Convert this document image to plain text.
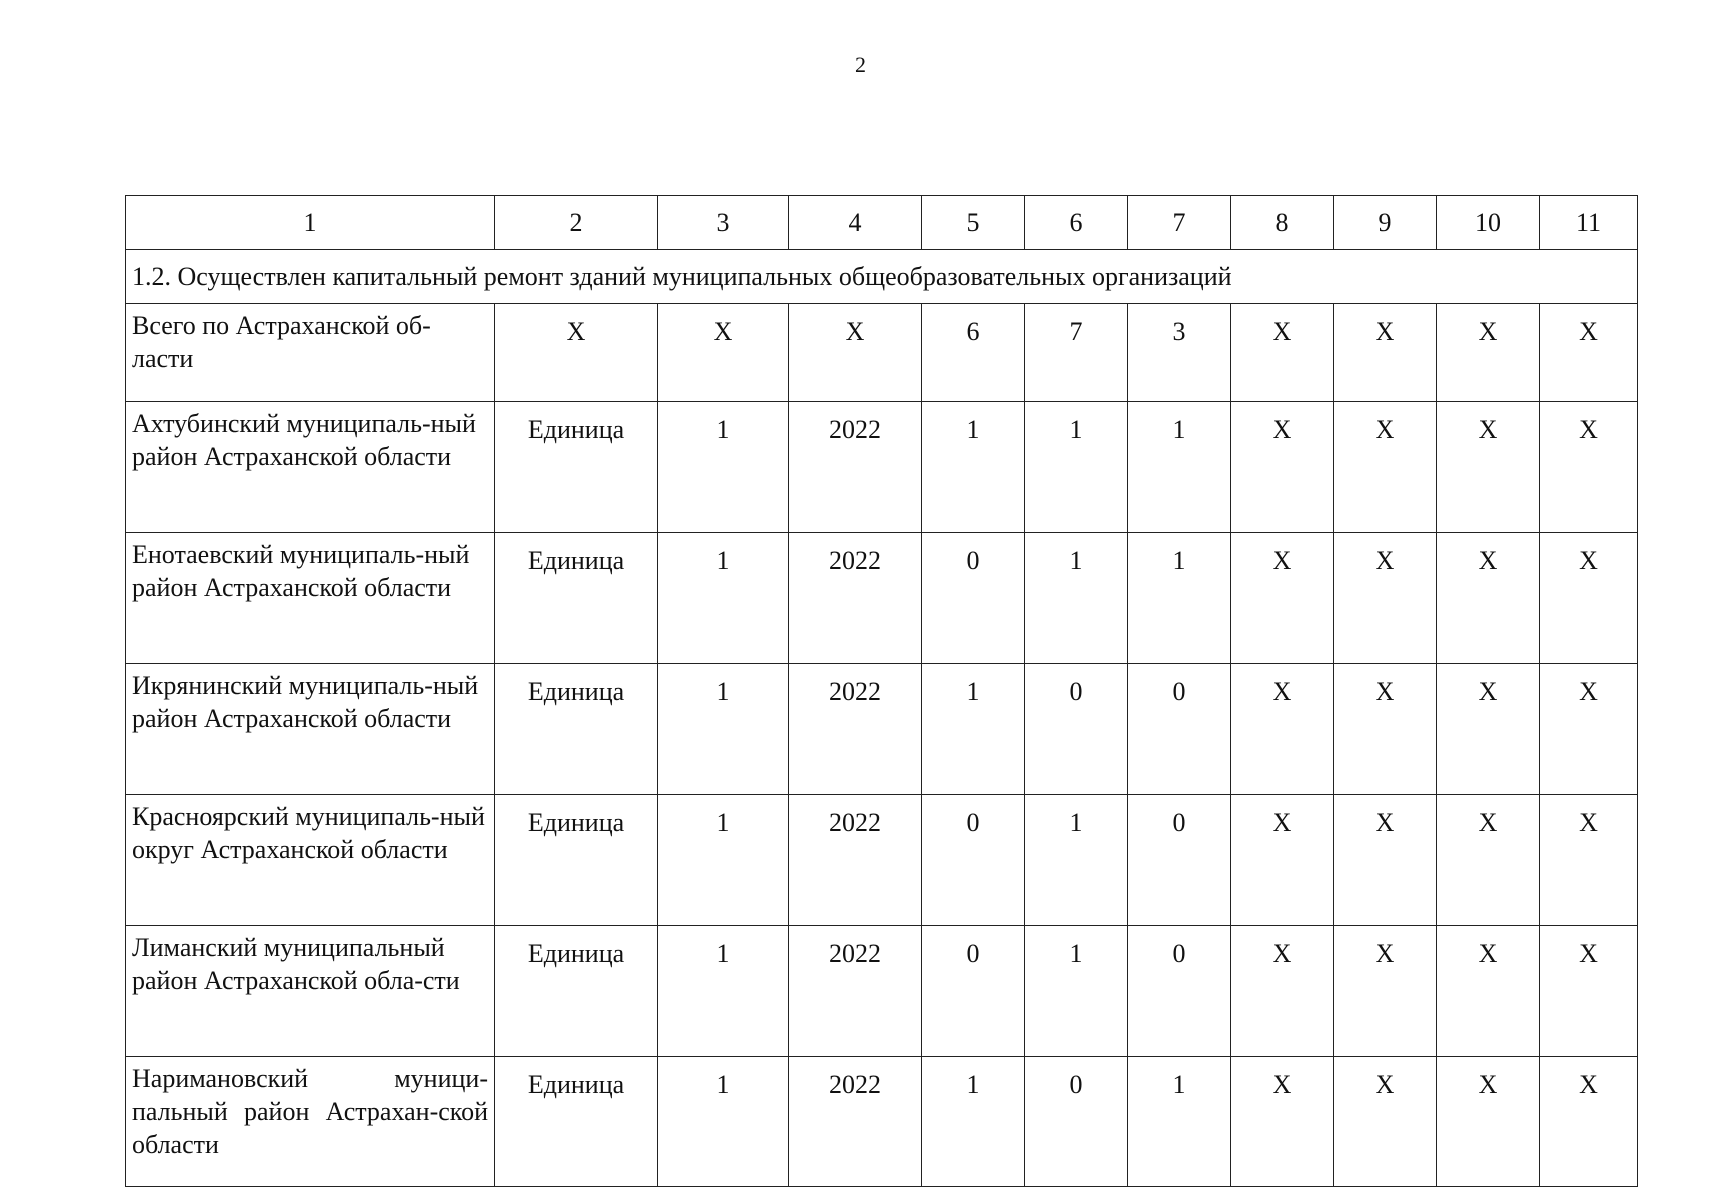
2
1	2	3	4	5	6	7	8	9	10	11
1.2. Осуществлен капитальный ремонт зданий муниципальных общеобразовательных организаций										
Всего по Астраханской об-ласти	Х	Х	Х	6	7	3	Х	Х	Х	Х
Ахтубинский муниципаль-ный район Астраханской области	Единица	1	2022	1	1	1	Х	Х	Х	Х
Енотаевский муниципаль-ный район Астраханской области	Единица	1	2022	0	1	1	Х	Х	Х	Х
Икрянинский муниципаль-ный район Астраханской области	Единица	1	2022	1	0	0	Х	Х	Х	Х
Красноярский муниципаль-ный округ Астраханской области	Единица	1	2022	0	1	0	Х	Х	Х	Х
Лиманский муниципальный район Астраханской обла-сти	Единица	1	2022	0	1	0	Х	Х	Х	Х
Наримановский муници-пальный район Астрахан-ской области	Единица	1	2022	1	0	1	Х	Х	Х	Х
